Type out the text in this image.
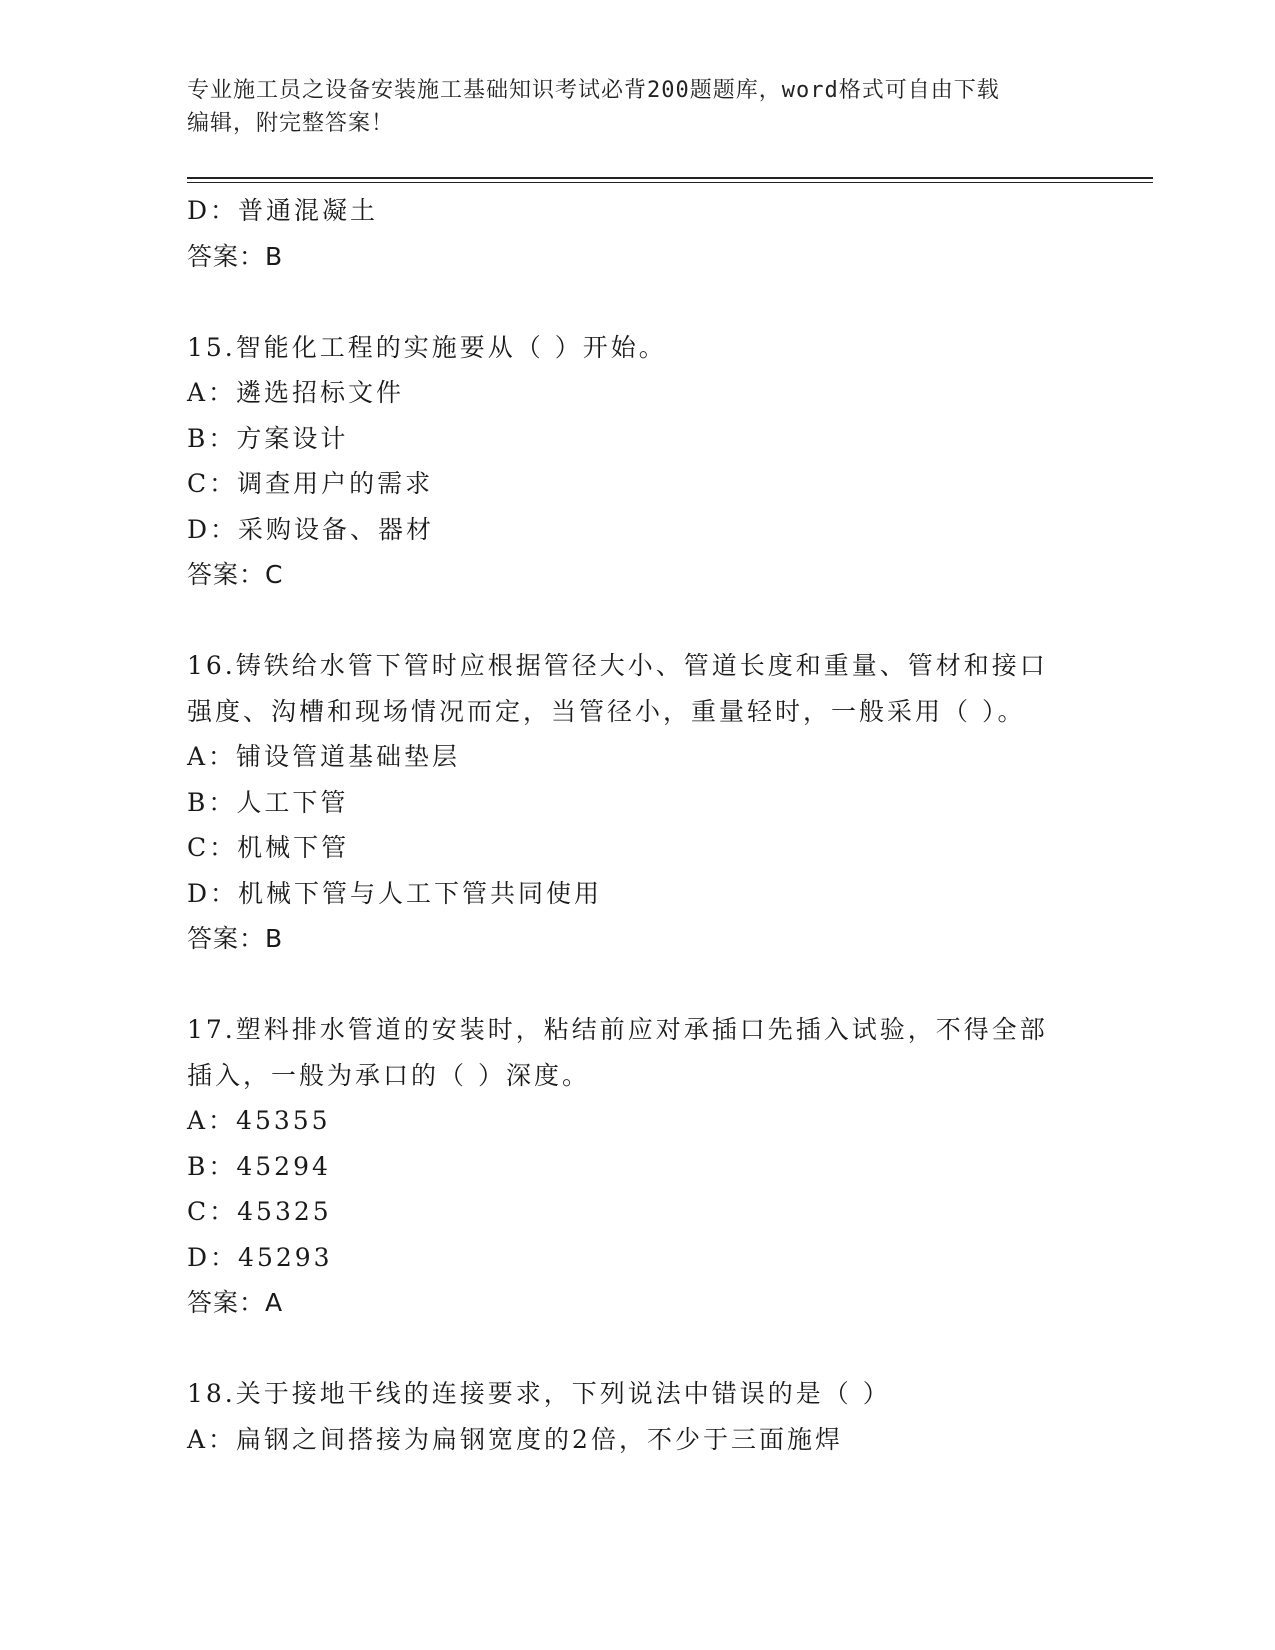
专业施工员之设备安装施工基础知识考试必背200题题库，word格式可自由下载
编辑，附完整答案！
D：普通混凝土
答案：B
15.智能化工程的实施要从（ ）开始。
A：遴选招标文件
B：方案设计
C：调查用户的需求
D：采购设备、器材
答案：C
16.铸铁给水管下管时应根据管径大小、管道长度和重量、管材和接口
强度、沟槽和现场情况而定，当管径小，重量轻时，一般采用（ ）。
A：铺设管道基础垫层
B：人工下管
C：机械下管
D：机械下管与人工下管共同使用
答案：B
17.塑料排水管道的安装时，粘结前应对承插口先插入试验，不得全部
插入，一般为承口的（ ）深度。
A：45355
B：45294
C：45325
D：45293
答案：A
18.关于接地干线的连接要求，下列说法中错误的是（ ）
A：扁钢之间搭接为扁钢宽度的2倍，不少于三面施焊
